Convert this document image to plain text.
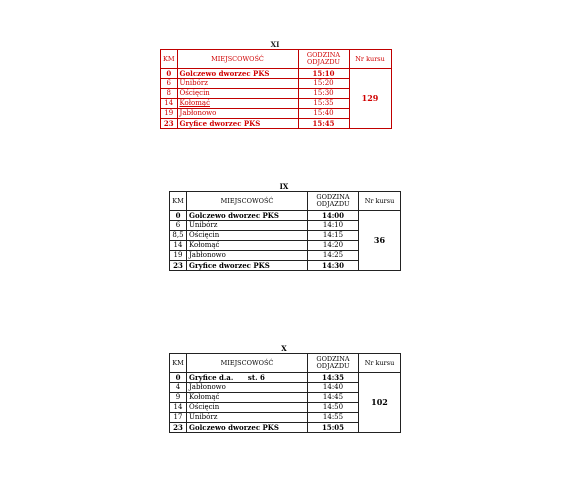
XI
KM	MIEJSCOWOŚĆ	GODZINA ODJAZDU	Nr kursu
0	Golczewo dworzec PKS	15:10	129
6	Unibórz	15:20	
8	Ościęcin	15:30	
14	Kołomąć	15:35	
19	Jabłonowo	15:40	
23	Gryfice dworzec PKS	15:45	
IX
KM	MIEJSCOWOŚĆ	GODZINA ODJAZDU	Nr kursu
0	Golczewo dworzec PKS	14:00	36
6	Unibórz	14:10	
8,5	Ościęcin	14:15	
14	Kołomąć	14:20	
19	Jabłonowo	14:25	
23	Gryfice dworzec PKS	14:30	
X
KM	MIEJSCOWOŚĆ	GODZINA ODJAZDU	Nr kursu
0	Gryfice d.a.      st. 6	14:35	102
4	Jabłonowo	14:40	
9	Kołomąć	14:45	
14	Ościęcin	14:50	
17	Unibórz	14:55	
23	Golczewo dworzec PKS	15:05	
